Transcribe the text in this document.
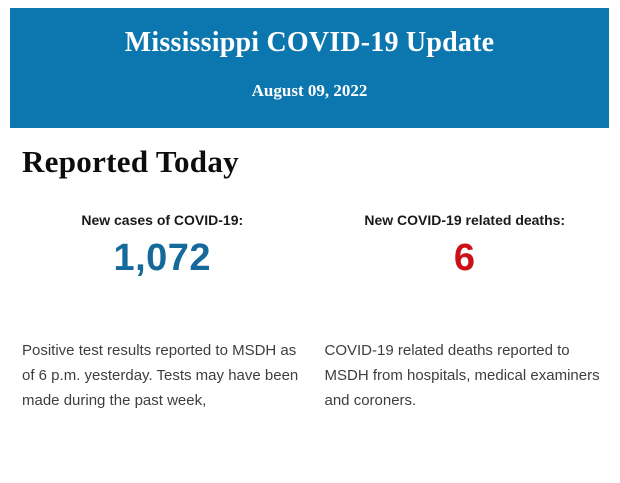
Mississippi COVID-19 Update
August 09, 2022
Reported Today
New cases of COVID-19:
1,072

Positive test results reported to MSDH as of 6 p.m. yesterday. Tests may have been made during the past week,

New COVID-19 related deaths:
6

COVID-19 related deaths reported to MSDH from hospitals, medical examiners and coroners.
